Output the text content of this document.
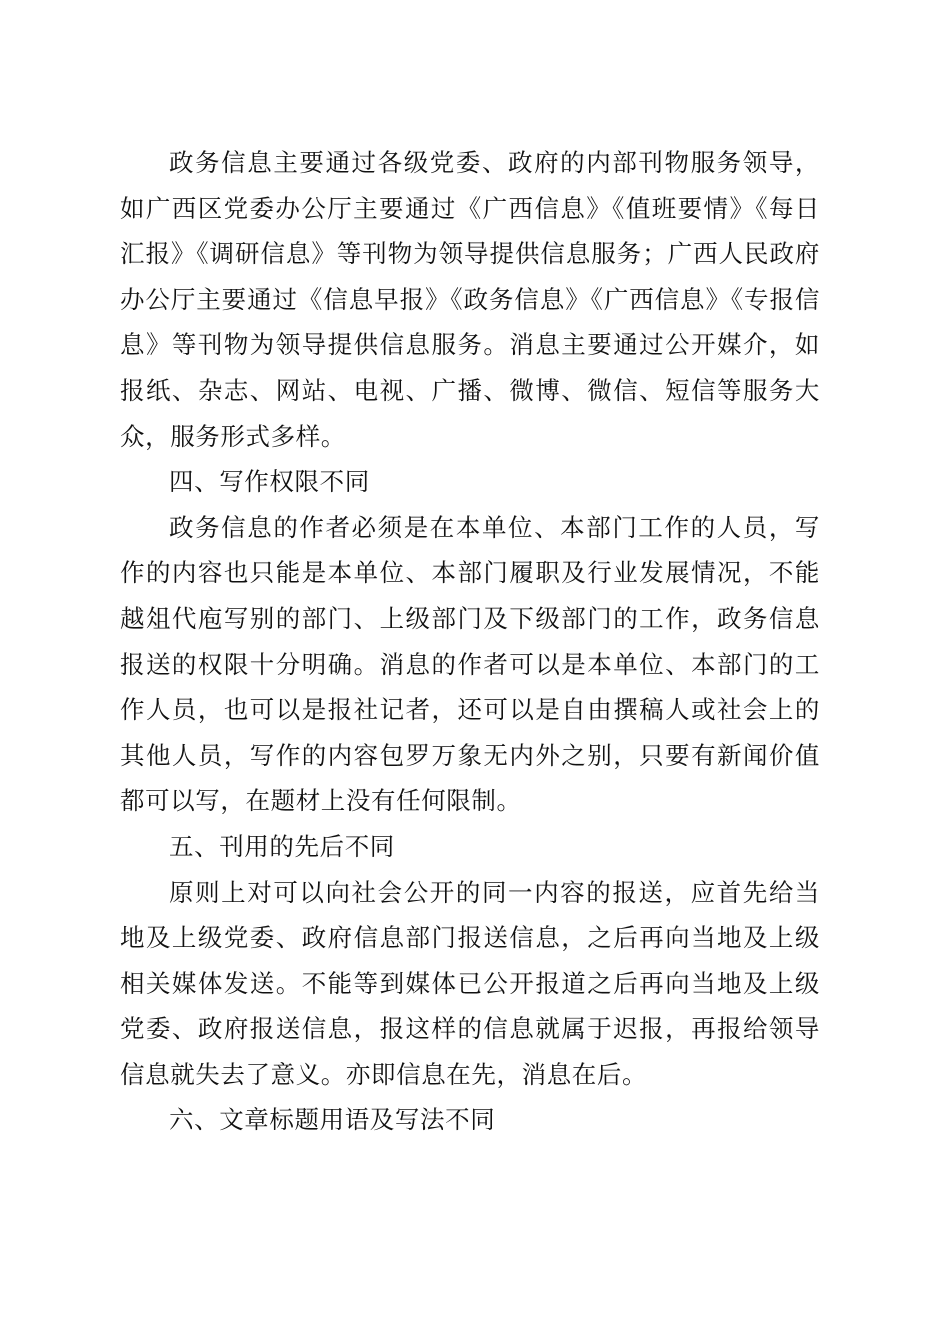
政务信息主要通过各级党委、政府的内部刊物服务领导，如广西区党委办公厅主要通过《广西信息》《值班要情》《每日汇报》《调研信息》等刊物为领导提供信息服务；广西人民政府办公厅主要通过《信息早报》《政务信息》《广西信息》《专报信息》等刊物为领导提供信息服务。消息主要通过公开媒介，如报纸、杂志、网站、电视、广播、微博、微信、短信等服务大众，服务形式多样。

四、写作权限不同

政务信息的作者必须是在本单位、本部门工作的人员，写作的内容也只能是本单位、本部门履职及行业发展情况，不能越俎代庖写别的部门、上级部门及下级部门的工作，政务信息报送的权限十分明确。消息的作者可以是本单位、本部门的工作人员，也可以是报社记者，还可以是自由撰稿人或社会上的其他人员，写作的内容包罗万象无内外之别，只要有新闻价值都可以写，在题材上没有任何限制。

五、刊用的先后不同

原则上对可以向社会公开的同一内容的报送，应首先给当地及上级党委、政府信息部门报送信息，之后再向当地及上级相关媒体发送。不能等到媒体已公开报道之后再向当地及上级党委、政府报送信息，报这样的信息就属于迟报，再报给领导信息就失去了意义。亦即信息在先，消息在后。

六、文章标题用语及写法不同
